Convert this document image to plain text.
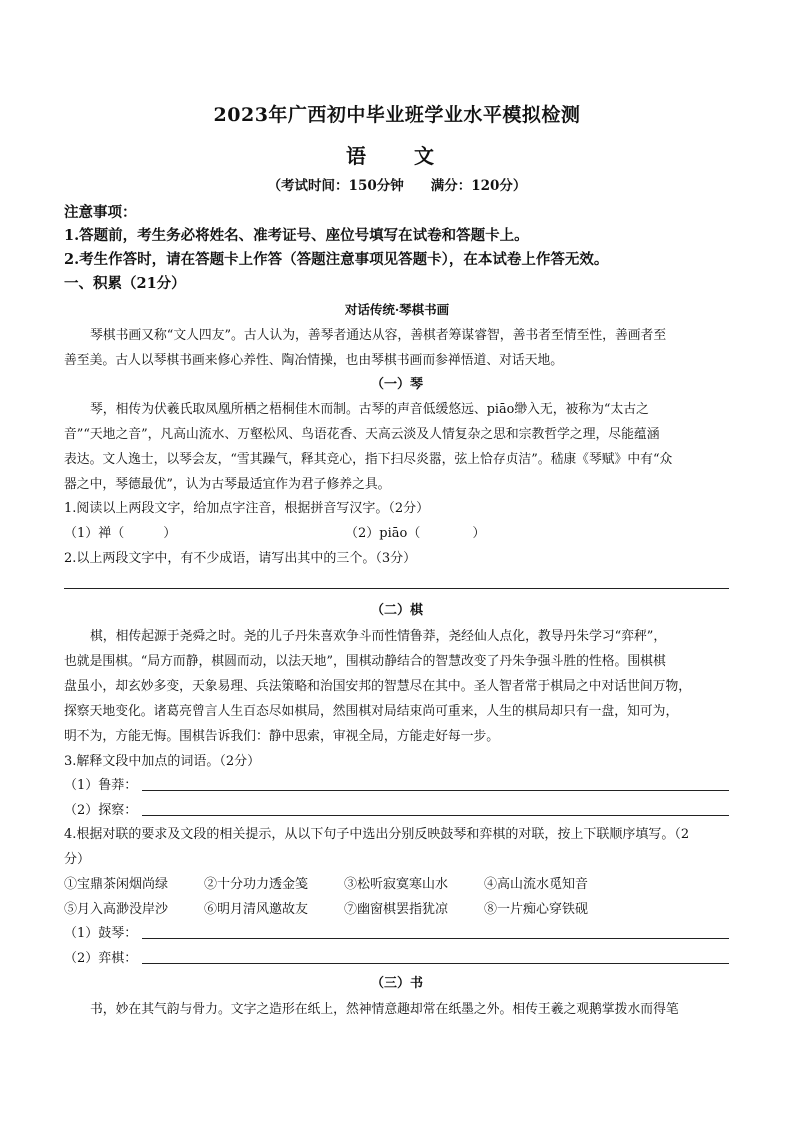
2023年广西初中毕业班学业水平模拟检测
语　文
（考试时间：150分钟　　满分：120分）
注意事项：
1.答题前，考生务必将姓名、准考证号、座位号填写在试卷和答题卡上。
2.考生作答时，请在答题卡上作答（答题注意事项见答题卡），在本试卷上作答无效。
一、积累（21分）
对话传统·琴棋书画
琴棋书画又称“文人四友”。古人认为，善琴者通达从容，善棋者筹谋睿智，善书者至情至性，善画者至
善至美。古人以琴棋书画来修心养性、陶冶情操，也由琴棋书画而参禅悟道、对话天地。
（一）琴
琴，相传为伏羲氏取凤凰所栖之梧桐佳木而制。古琴的声音低缓悠远、piāo缈入无，被称为“太古之
音”“天地之音”，凡高山流水、万壑松风、鸟语花香、天高云淡及人情复杂之思和宗教哲学之理，尽能蕴涵
表达。文人逸士，以琴会友，“雪其躁气，释其竞心，指下扫尽炎嚣，弦上恰存贞洁”。嵇康《琴赋》中有“众
器之中，琴德最优”，认为古琴最适宜作为君子修养之具。
1.阅读以上两段文字，给加点字注音，根据拼音写汉字。（2分）
（1）禅（　　　）	（2）piāo（　　　　）
2.以上两段文字中，有不少成语，请写出其中的三个。（3分）
（二）棋
棋，相传起源于尧舜之时。尧的儿子丹朱喜欢争斗而性情鲁莽，尧经仙人点化，教导丹朱学习“弈秤”，
也就是围棋。“局方而静，棋圆而动，以法天地”，围棋动静结合的智慧改变了丹朱争强斗胜的性格。围棋棋
盘虽小，却玄妙多变，天象易理、兵法策略和治国安邦的智慧尽在其中。圣人智者常于棋局之中对话世间万物，
探察天地变化。诸葛亮曾言人生百态尽如棋局，然围棋对局结束尚可重来，人生的棋局却只有一盘，知可为，
明不为，方能无悔。围棋告诉我们：静中思索，审视全局，方能走好每一步。
3.解释文段中加点的词语。（2分）
（1）鲁莽：
（2）探察：
4.根据对联的要求及文段的相关提示，从以下句子中选出分别反映鼓琴和弈棋的对联，按上下联顺序填写。（2
分）
①宝鼎茶闲烟尚绿	②十分功力透金笺	③松听寂寞寒山水	④高山流水觅知音
⑤月入高渺没岸沙	⑥明月清风邀故友	⑦幽窗棋罢指犹凉	⑧一片痴心穿铁砚
（1）鼓琴：
（2）弈棋：
（三）书
书，妙在其气韵与骨力。文字之造形在纸上，然神情意趣却常在纸墨之外。相传王羲之观鹅掌拨水而得笔
